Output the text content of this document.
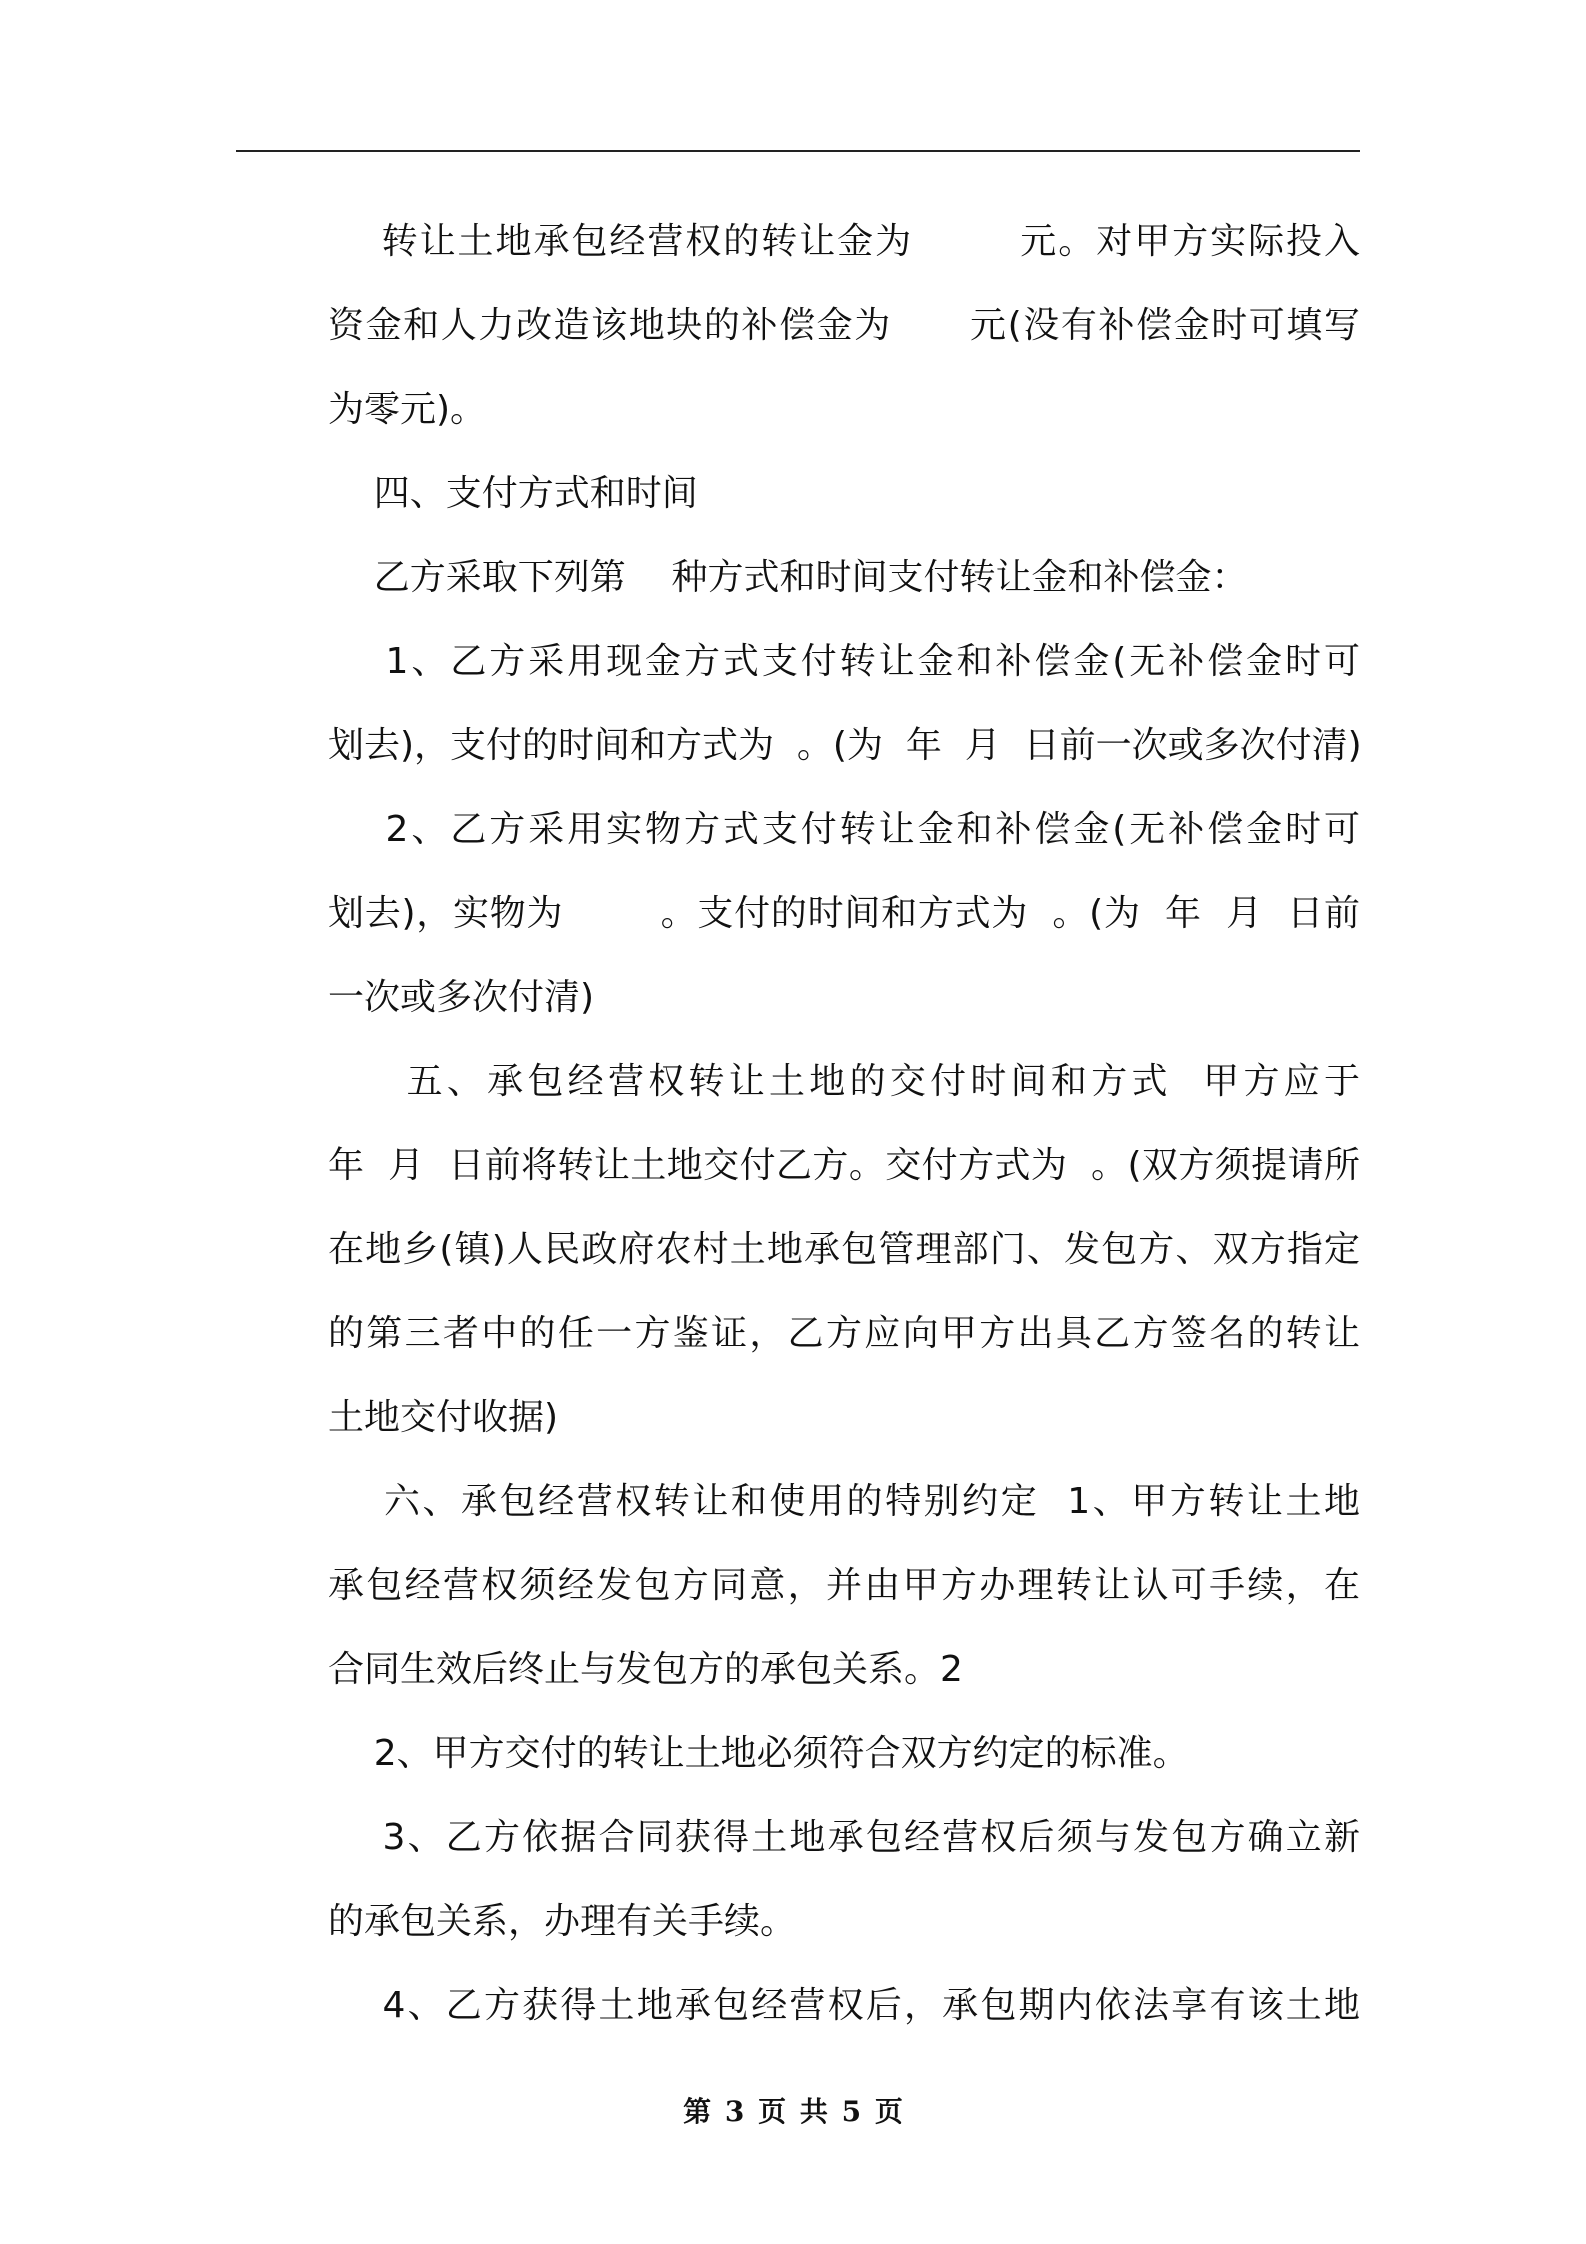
转让土地承包经营权的转让金为        元。对甲方实际投入
资金和人力改造该地块的补偿金为      元(没有补偿金时可填写
为零元)。
四、支付方式和时间
乙方采取下列第    种方式和时间支付转让金和补偿金：
1、乙方采用现金方式支付转让金和补偿金(无补偿金时可
划去)，支付的时间和方式为  。(为  年  月  日前一次或多次付清)
2、乙方采用实物方式支付转让金和补偿金(无补偿金时可
划去)，实物为        。支付的时间和方式为  。(为  年  月  日前
一次或多次付清)
五、承包经营权转让土地的交付时间和方式  甲方应于
年  月  日前将转让土地交付乙方。交付方式为  。(双方须提请所
在地乡(镇)人民政府农村土地承包管理部门、发包方、双方指定
的第三者中的任一方鉴证，乙方应向甲方出具乙方签名的转让
土地交付收据)
六、承包经营权转让和使用的特别约定  1、甲方转让土地
承包经营权须经发包方同意，并由甲方办理转让认可手续，在
合同生效后终止与发包方的承包关系。2
2、甲方交付的转让土地必须符合双方约定的标准。
3、乙方依据合同获得土地承包经营权后须与发包方确立新
的承包关系，办理有关手续。
4、乙方获得土地承包经营权后，承包期内依法享有该土地
第 3 页 共 5 页
